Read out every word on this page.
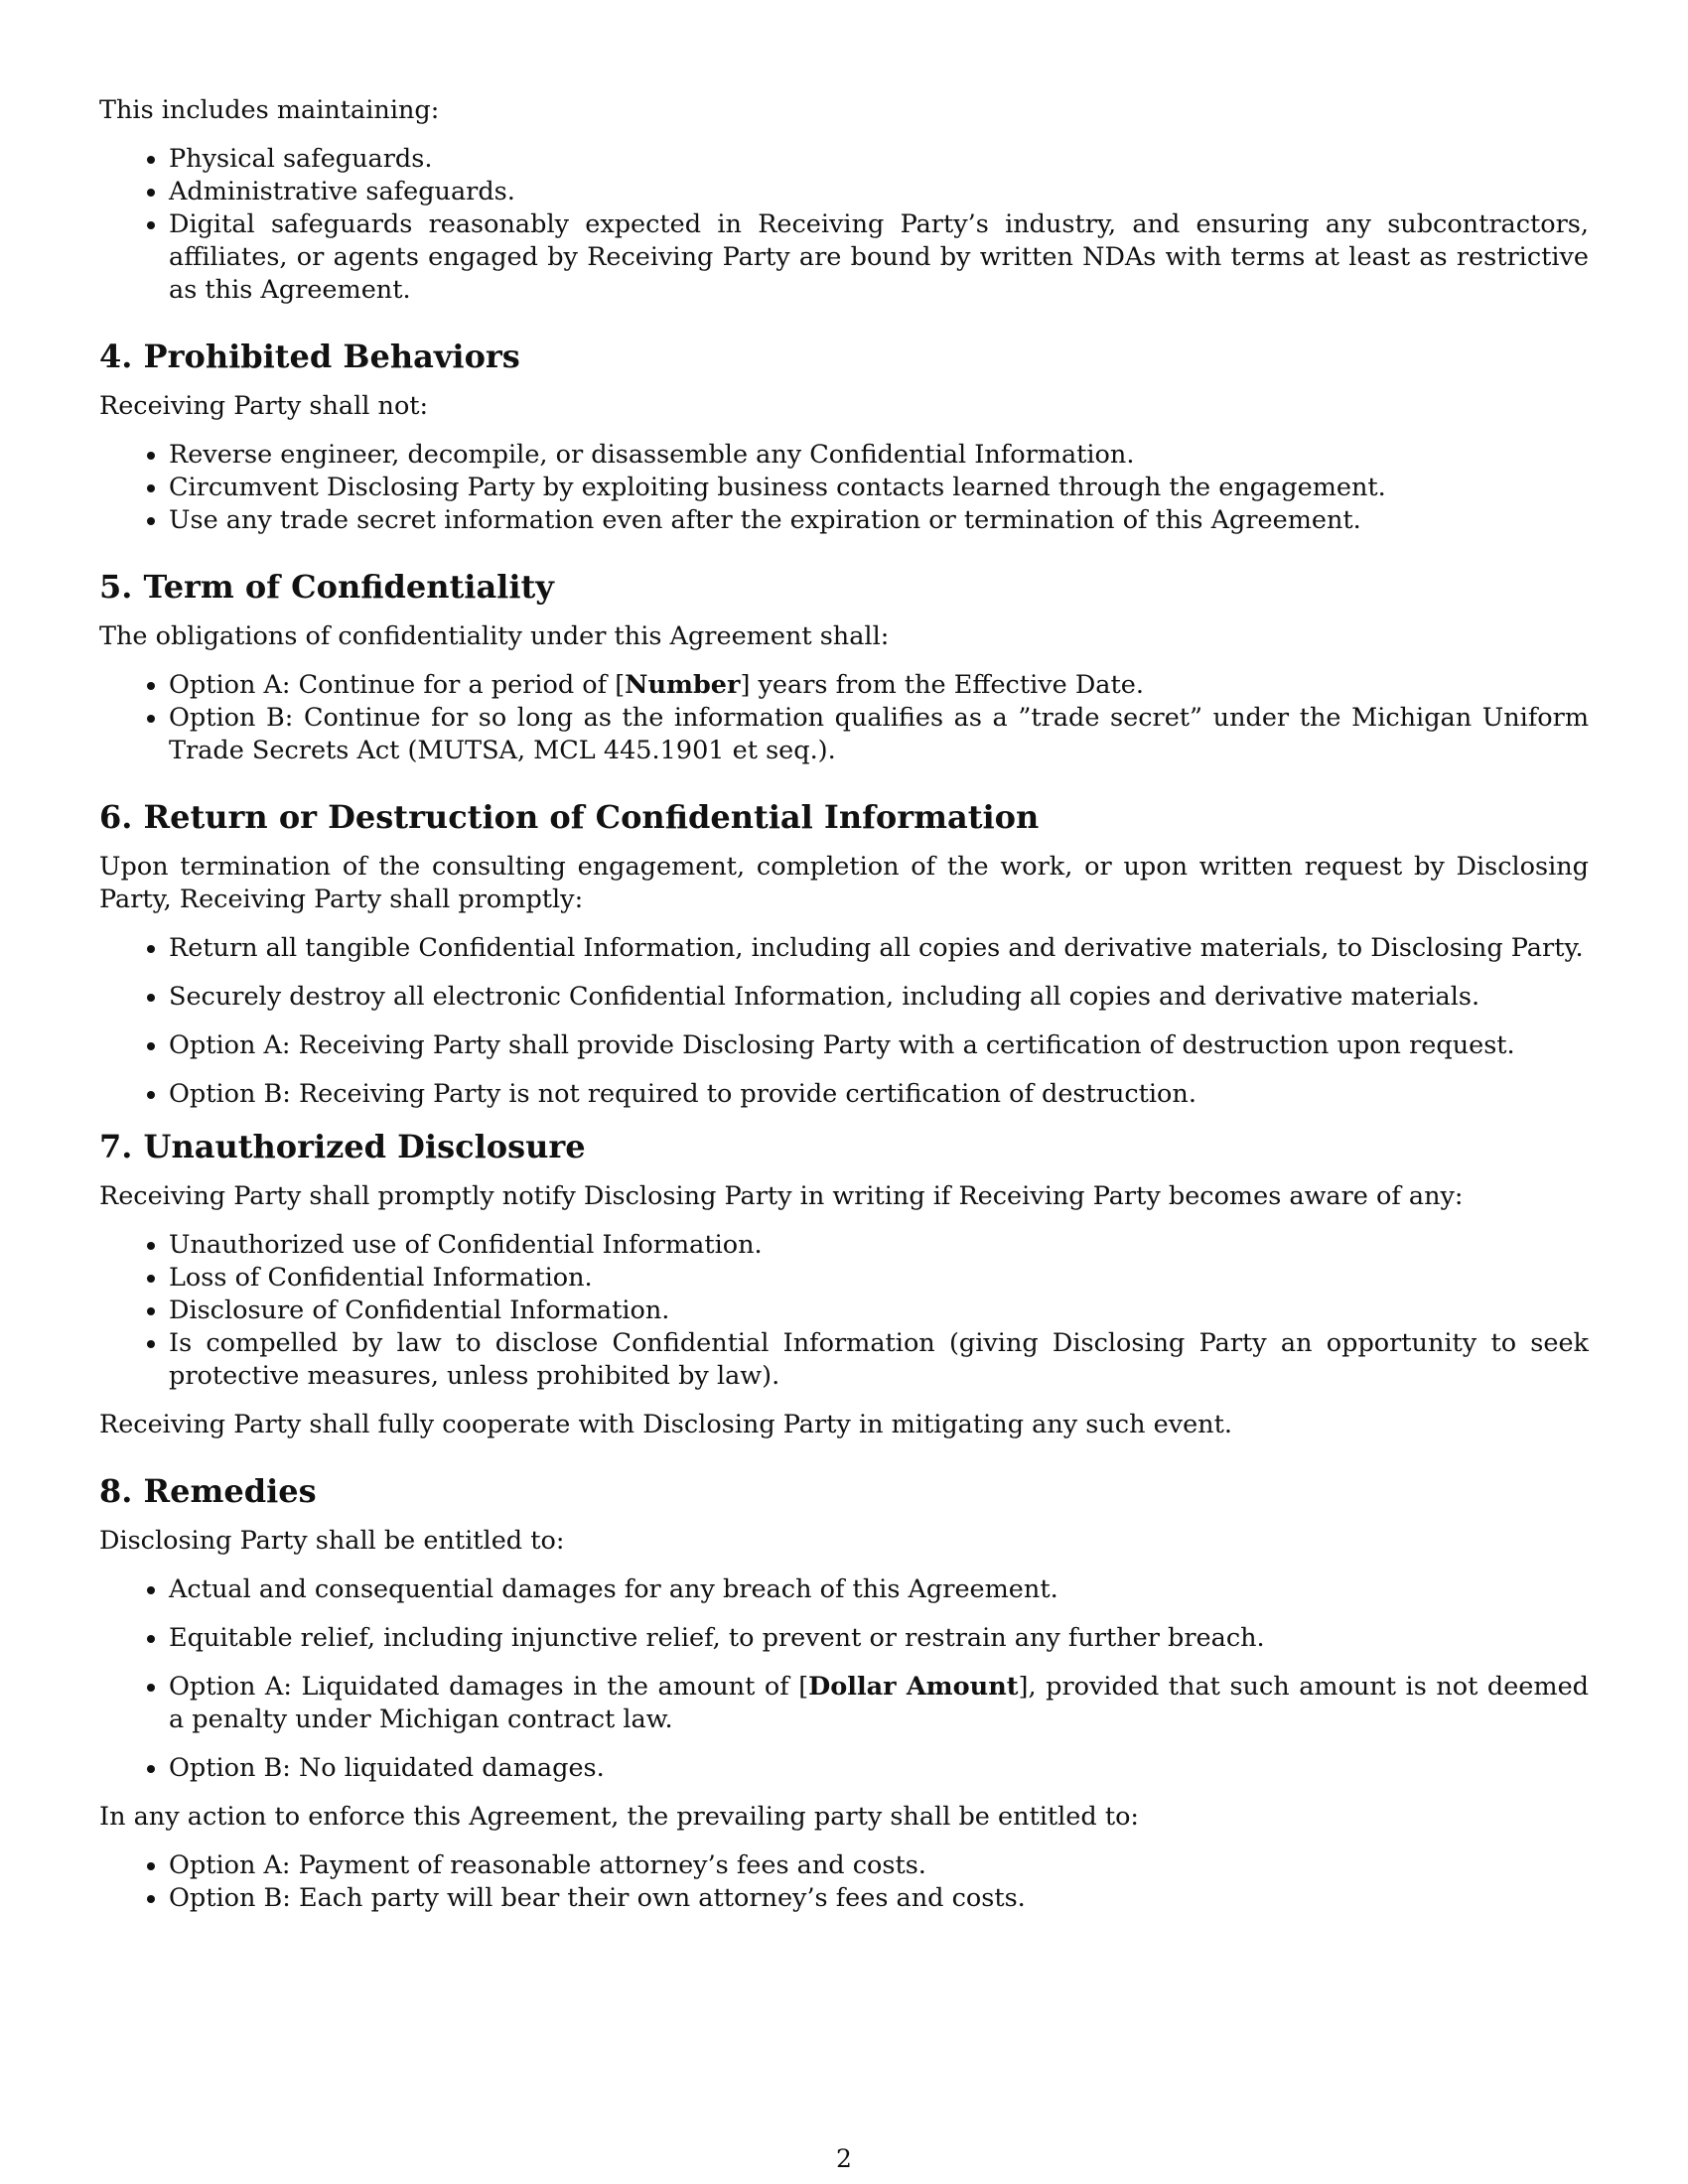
This includes maintaining:

• Physical safeguards.
• Administrative safeguards.
• Digital safeguards reasonably expected in Receiving Party’s industry, and ensuring any subcontractors, affiliates, or agents engaged by Receiving Party are bound by written NDAs with terms at least as restrictive as this Agreement.
4. Prohibited Behaviors

Receiving Party shall not:

• Reverse engineer, decompile, or disassemble any Confidential Information.
• Circumvent Disclosing Party by exploiting business contacts learned through the engagement.
• Use any trade secret information even after the expiration or termination of this Agreement.
5. Term of Confidentiality

The obligations of confidentiality under this Agreement shall:

• Option A: Continue for a period of [Number] years from the Effective Date.
• Option B: Continue for so long as the information qualifies as a ”trade secret” under the Michigan Uniform Trade Secrets Act (MUTSA, MCL 445.1901 et seq.).
6. Return or Destruction of Confidential Information

Upon termination of the consulting engagement, completion of the work, or upon written request by Disclosing Party, Receiving Party shall promptly:

• Return all tangible Confidential Information, including all copies and derivative materials, to Disclosing Party.
• Securely destroy all electronic Confidential Information, including all copies and derivative materials.
• Option A: Receiving Party shall provide Disclosing Party with a certification of destruction upon request.
• Option B: Receiving Party is not required to provide certification of destruction.
7. Unauthorized Disclosure

Receiving Party shall promptly notify Disclosing Party in writing if Receiving Party becomes aware of any:

• Unauthorized use of Confidential Information.
• Loss of Confidential Information.
• Disclosure of Confidential Information.
• Is compelled by law to disclose Confidential Information (giving Disclosing Party an opportunity to seek protective measures, unless prohibited by law).

Receiving Party shall fully cooperate with Disclosing Party in mitigating any such event.

8. Remedies

Disclosing Party shall be entitled to:

• Actual and consequential damages for any breach of this Agreement.
• Equitable relief, including injunctive relief, to prevent or restrain any further breach.
• Option A: Liquidated damages in the amount of [Dollar Amount], provided that such amount is not deemed a penalty under Michigan contract law.
• Option B: No liquidated damages.

In any action to enforce this Agreement, the prevailing party shall be entitled to:

• Option A: Payment of reasonable attorney’s fees and costs.
• Option B: Each party will bear their own attorney’s fees and costs.
2
